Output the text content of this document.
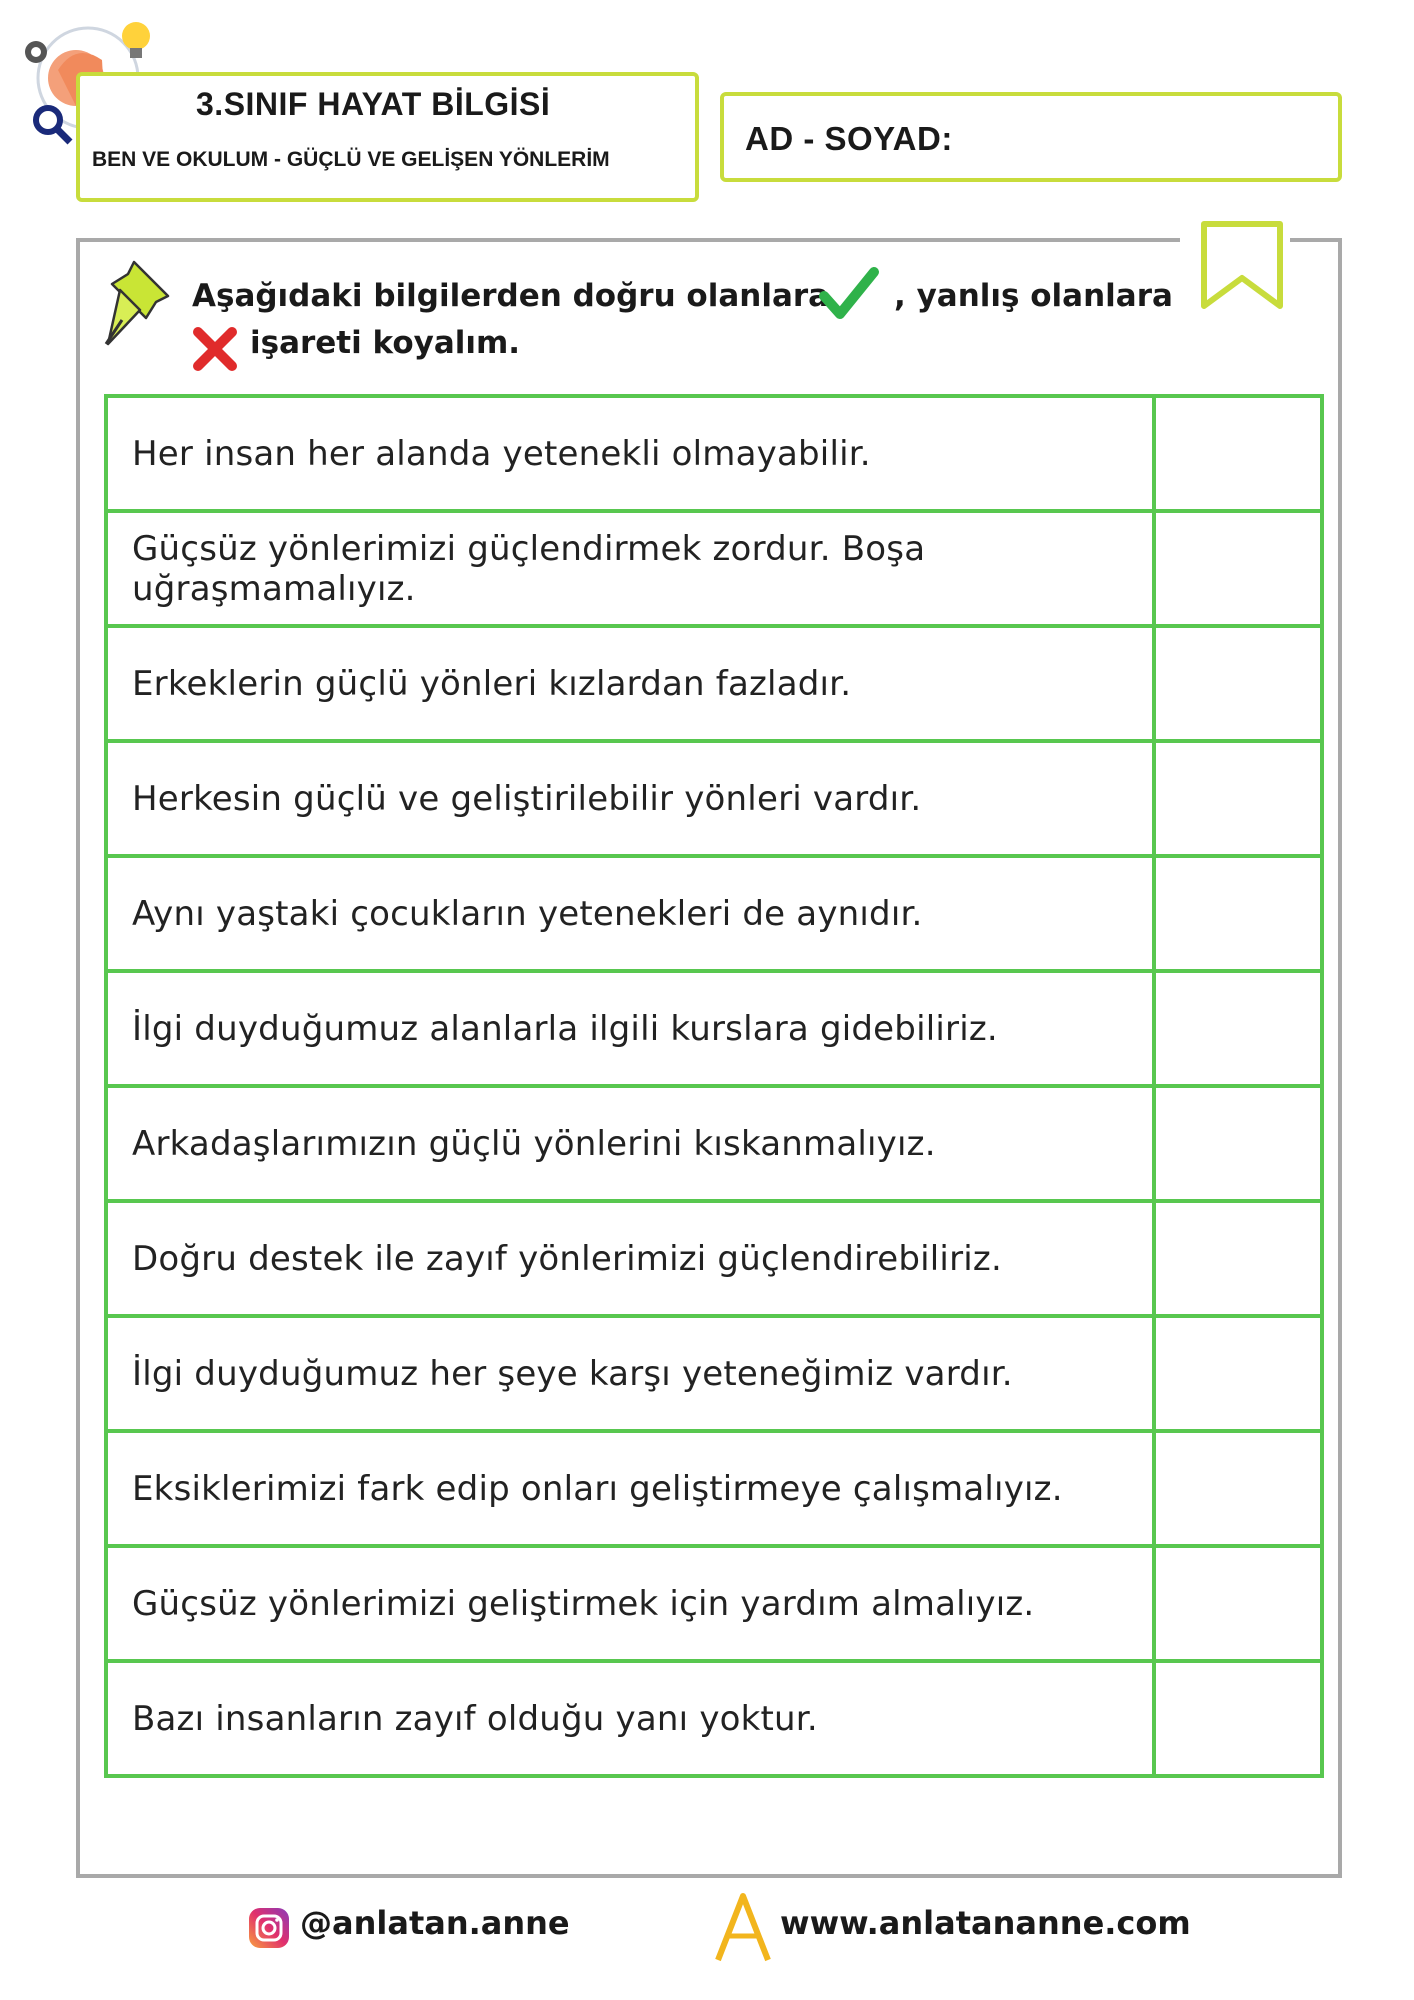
3.SINIF HAYAT BİLGİSİ
BEN VE OKULUM - GÜÇLÜ VE GELİŞEN YÖNLERİM
AD - SOYAD:
Aşağıdaki bilgilerden doğru olanlara , yanlış olanlara
işareti koyalım.
Her insan her alanda yetenekli olmayabilir.	
Güçsüz yönlerimizi güçlendirmek zordur. Boşa uğraşmamalıyız.	
Erkeklerin güçlü yönleri kızlardan fazladır.	
Herkesin güçlü ve geliştirilebilir yönleri vardır.	
Aynı yaştaki çocukların yetenekleri de aynıdır.	
İlgi duyduğumuz alanlarla ilgili kurslara gidebiliriz.	
Arkadaşlarımızın güçlü yönlerini kıskanmalıyız.	
Doğru destek ile zayıf yönlerimizi güçlendirebiliriz.	
İlgi duyduğumuz her şeye karşı yeteneğimiz vardır.	
Eksiklerimizi fark edip onları geliştirmeye çalışmalıyız.	
Güçsüz yönlerimizi geliştirmek için yardım almalıyız.	
Bazı insanların zayıf olduğu yanı yoktur.	
@anlatan.anne	www.anlatananne.com
